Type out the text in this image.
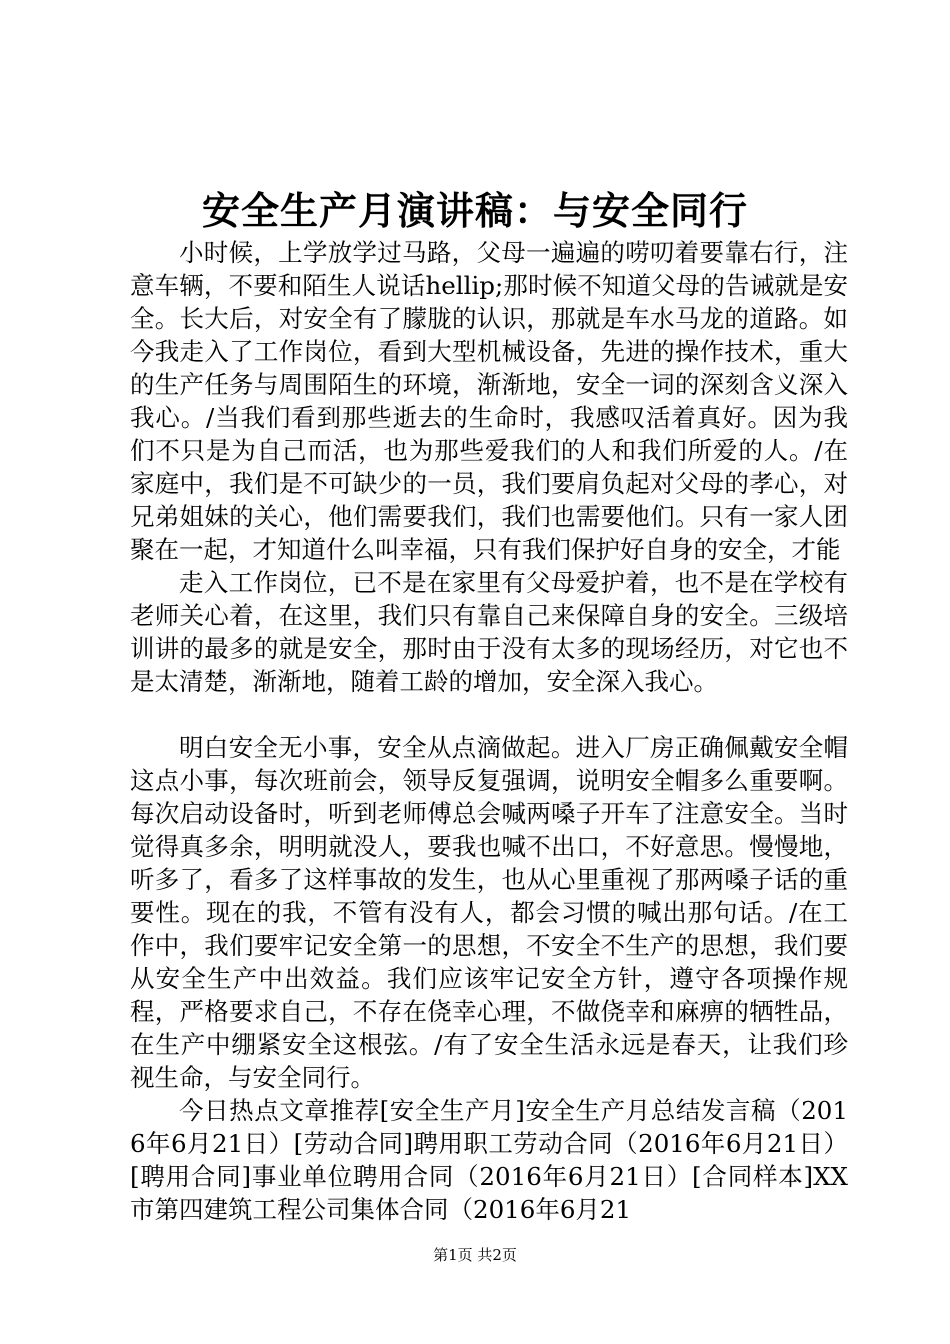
安全生产月演讲稿：与安全同行

小时候，上学放学过马路，父母一遍遍的唠叨着要靠右行，注意车辆，不要和陌生人说话hellip;那时候不知道父母的告诫就是安全。长大后，对安全有了朦胧的认识，那就是车水马龙的道路。如今我走入了工作岗位，看到大型机械设备，先进的操作技术，重大的生产任务与周围陌生的环境，渐渐地，安全一词的深刻含义深入我心。/当我们看到那些逝去的生命时，我感叹活着真好。因为我们不只是为自己而活，也为那些爱我们的人和我们所爱的人。/在家庭中，我们是不可缺少的一员，我们要肩负起对父母的孝心，对兄弟姐妹的关心，他们需要我们，我们也需要他们。只有一家人团聚在一起，才知道什么叫幸福，只有我们保护好自身的安全，才能

走入工作岗位，已不是在家里有父母爱护着，也不是在学校有老师关心着，在这里，我们只有靠自己来保障自身的安全。三级培训讲的最多的就是安全，那时由于没有太多的现场经历，对它也不是太清楚，渐渐地，随着工龄的增加，安全深入我心。

明白安全无小事，安全从点滴做起。进入厂房正确佩戴安全帽这点小事，每次班前会，领导反复强调，说明安全帽多么重要啊。每次启动设备时，听到老师傅总会喊两嗓子开车了注意安全。当时觉得真多余，明明就没人，要我也喊不出口，不好意思。慢慢地，听多了，看多了这样事故的发生，也从心里重视了那两嗓子话的重要性。现在的我，不管有没有人，都会习惯的喊出那句话。/在工作中，我们要牢记安全第一的思想，不安全不生产的思想，我们要从安全生产中出效益。我们应该牢记安全方针，遵守各项操作规程，严格要求自己，不存在侥幸心理，不做侥幸和麻痹的牺牲品，在生产中绷紧安全这根弦。/有了安全生活永远是春天，让我们珍视生命，与安全同行。

今日热点文章推荐[安全生产月]安全生产月总结发言稿（2016年6月21日）[劳动合同]聘用职工劳动合同（2016年6月21日）[聘用合同]事业单位聘用合同（2016年6月21日）[合同样本]XX市第四建筑工程公司集体合同（2016年6月21

第1页 共2页
